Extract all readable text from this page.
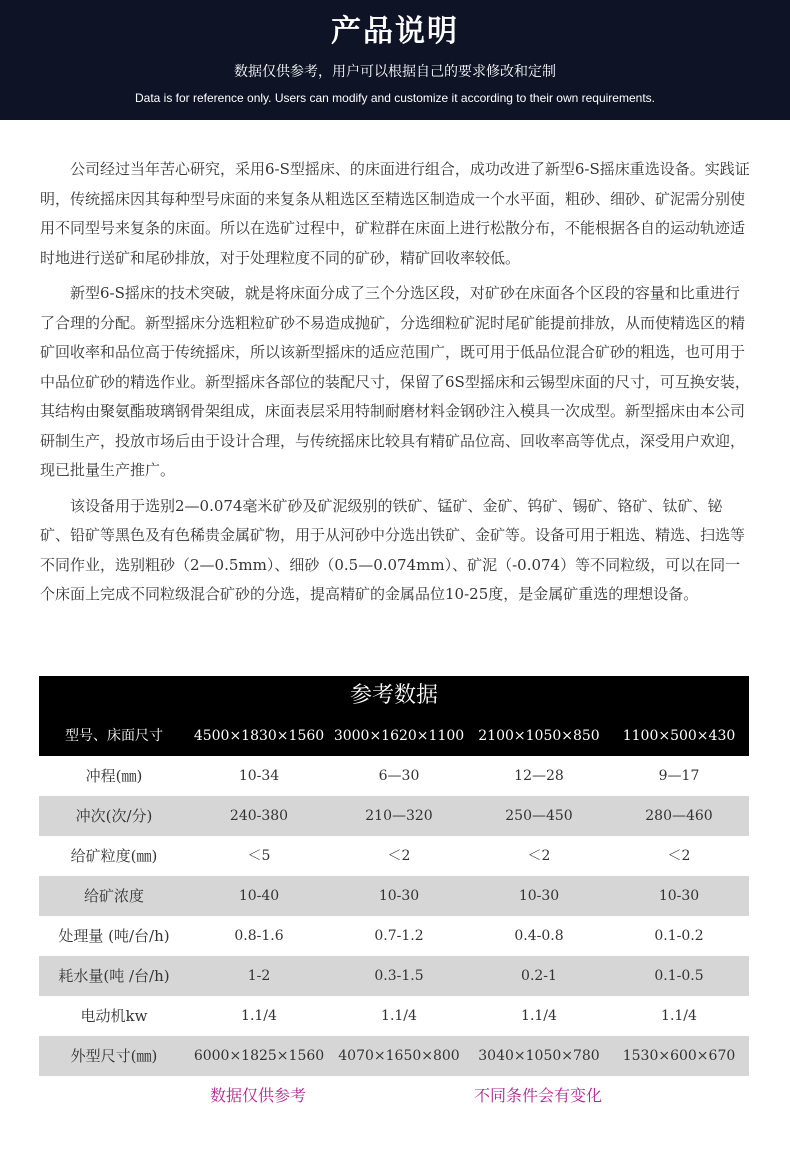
产品说明
数据仅供参考，用户可以根据自己的要求修改和定制
Data is for reference only. Users can modify and customize it according to their own requirements.

公司经过当年苦心研究，采用6-S型摇床、的床面进行组合，成功改进了新型6-S摇床重选设备。实践证明，传统摇床因其每种型号床面的来复条从粗选区至精选区制造成一个水平面，粗砂、细砂、矿泥需分别使用不同型号来复条的床面。所以在选矿过程中，矿粒群在床面上进行松散分布，不能根据各自的运动轨迹适时地进行送矿和尾砂排放，对于处理粒度不同的矿砂，精矿回收率较低。

新型6-S摇床的技术突破，就是将床面分成了三个分选区段，对矿砂在床面各个区段的容量和比重进行了合理的分配。新型摇床分选粗粒矿砂不易造成抛矿，分选细粒矿泥时尾矿能提前排放，从而使精选区的精矿回收率和品位高于传统摇床，所以该新型摇床的适应范围广，既可用于低品位混合矿砂的粗选，也可用于中品位矿砂的精选作业。新型摇床各部位的装配尺寸，保留了6S型摇床和云锡型床面的尺寸，可互换安装，其结构由聚氨酯玻璃钢骨架组成，床面表层采用特制耐磨材料金钢砂注入模具一次成型。新型摇床由本公司研制生产，投放市场后由于设计合理，与传统摇床比较具有精矿品位高、回收率高等优点，深受用户欢迎，现已批量生产推广。

该设备用于选别2—0.074毫米矿砂及矿泥级别的铁矿、锰矿、金矿、钨矿、锡矿、铬矿、钛矿、铋矿、铅矿等黑色及有色稀贵金属矿物，用于从河砂中分选出铁矿、金矿等。设备可用于粗选、精选、扫选等不同作业，选别粗砂（2—0.5mm）、细砂（0.5—0.074mm）、矿泥（-0.074）等不同粒级，可以在同一个床面上完成不同粒级混合矿砂的分选，提高精矿的金属品位10-25度，是金属矿重选的理想设备。

参考数据
型号、床面尺寸	4500×1830×1560 3000×1620×1100	2100×1050×850	1100×500×430
冲程(㎜)	10-34	6—30	12—28	9—17
冲次(次/分)	240-380	210—320	250—450	280—460
给矿粒度(㎜)	＜5	＜2	＜2	＜2
给矿浓度	10-40	10-30	10-30	10-30
处理量 (吨/台/h)	0.8-1.6	0.7-1.2	0.4-0.8	0.1-0.2
耗水量(吨 /台/h)	1-2	0.3-1.5	0.2-1	0.1-0.5
电动机kw	1.1/4	1.1/4	1.1/4	1.1/4
外型尺寸(㎜)	6000×1825×1560	4070×1650×800	3040×1050×780	1530×600×670
数据仅供参考	不同条件会有变化
